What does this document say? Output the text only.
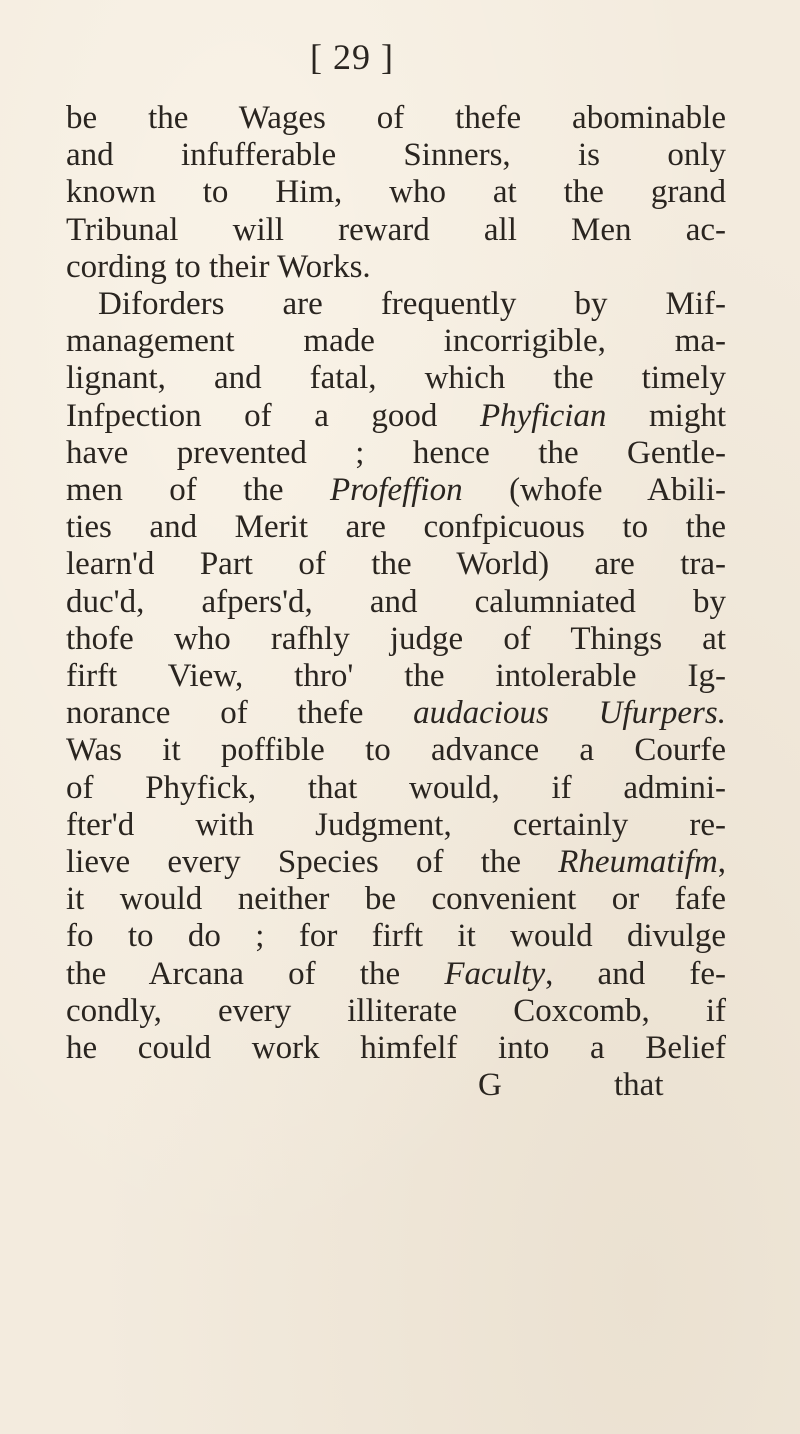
[ 29 ]
be the Wages of thefe abominable
and infufferable Sinners, is only
known to Him, who at the grand
Tribunal will reward all Men ac-
cording to their Works.
Diforders are frequently by Mif-
management made incorrigible, ma-
lignant, and fatal, which the timely
Infpection of a good Phyfician might
have prevented ; hence the Gentle-
men of the Profeffion (whofe Abili-
ties and Merit are confpicuous to the
learn'd Part of the World) are tra-
duc'd, afpers'd, and calumniated by
thofe who rafhly judge of Things at
firft View, thro' the intolerable Ig-
norance of thefe audacious Ufurpers.
Was it poffible to advance a Courfe
of Phyfick, that would, if admini-
fter'd with Judgment, certainly re-
lieve every Species of the Rheumatifm,
it would neither be convenient or fafe
fo to do ; for firft it would divulge
the Arcana of the Faculty, and fe-
condly, every illiterate Coxcomb, if
he could work himfelf into a Belief

G	that
